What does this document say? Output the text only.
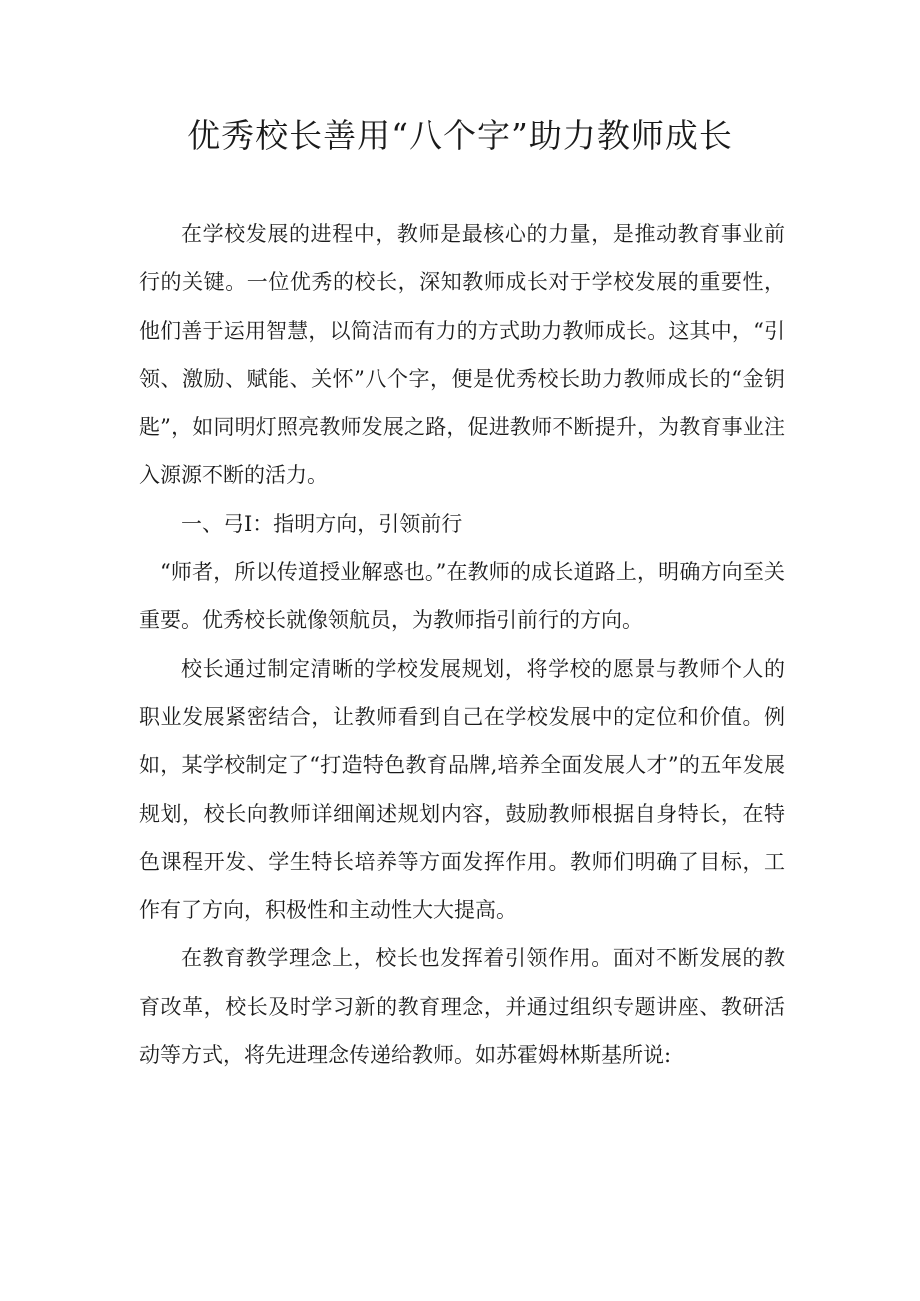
优秀校长善用“八个字”助力教师成长

在学校发展的进程中，教师是最核心的力量，是推动教育事业前行的关键。一位优秀的校长，深知教师成长对于学校发展的重要性，他们善于运用智慧，以简洁而有力的方式助力教师成长。这其中，“引领、激励、赋能、关怀”八个字，便是优秀校长助力教师成长的“金钥匙”，如同明灯照亮教师发展之路，促进教师不断提升，为教育事业注入源源不断的活力。

一、弓I：指明方向，引领前行

“师者，所以传道授业解惑也。”在教师的成长道路上，明确方向至关重要。优秀校长就像领航员，为教师指引前行的方向。

校长通过制定清晰的学校发展规划，将学校的愿景与教师个人的职业发展紧密结合，让教师看到自己在学校发展中的定位和价值。例如，某学校制定了“打造特色教育品牌,培养全面发展人才”的五年发展规划，校长向教师详细阐述规划内容，鼓励教师根据自身特长，在特色课程开发、学生特长培养等方面发挥作用。教师们明确了目标，工作有了方向，积极性和主动性大大提高。

在教育教学理念上，校长也发挥着引领作用。面对不断发展的教育改革，校长及时学习新的教育理念，并通过组织专题讲座、教研活动等方式，将先进理念传递给教师。如苏霍姆林斯基所说:
